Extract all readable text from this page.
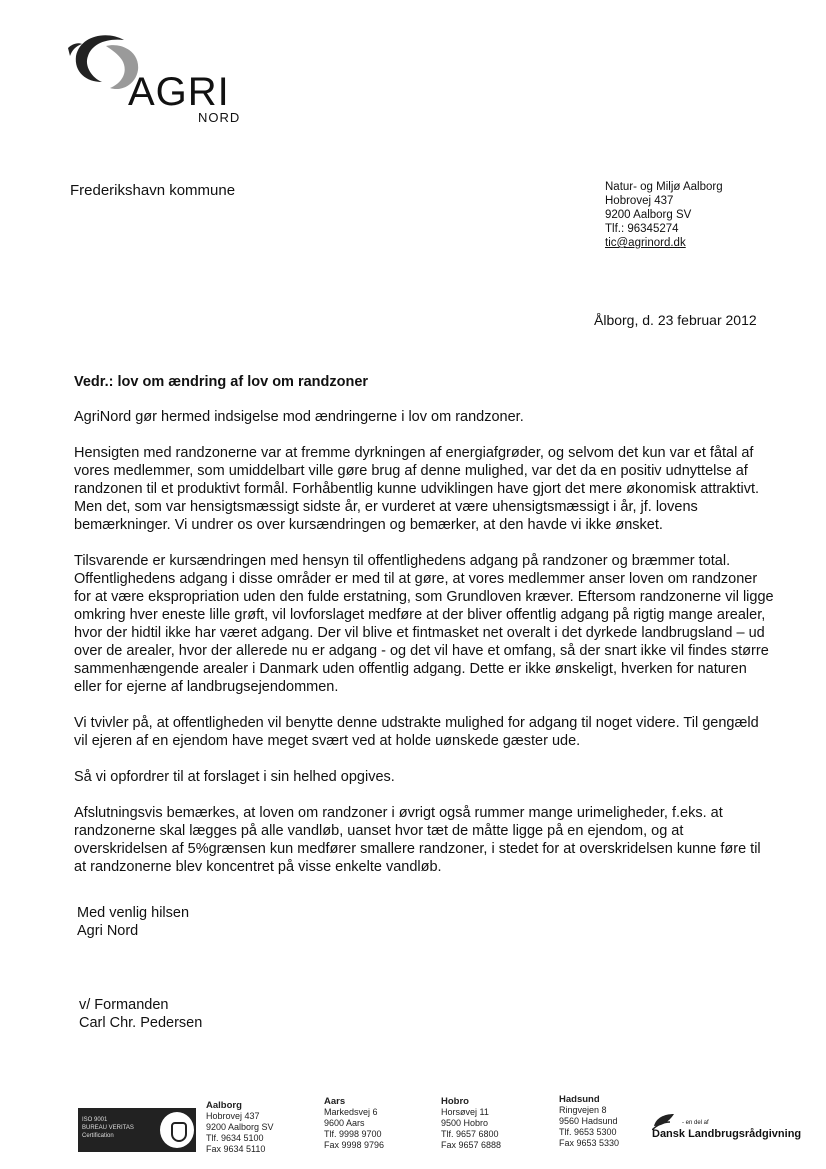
AGRI
NORD
Frederikshavn kommune	Natur- og Miljø Aalborg
Hobrovej 437
9200 Aalborg SV
Tlf.: 96345274
tic@agrinord.dk
Ålborg, d. 23 februar 2012
Vedr.: lov om ændring af lov om randzoner

AgriNord gør hermed indsigelse mod ændringerne i lov om randzoner.

Hensigten med randzonerne var at fremme dyrkningen af energiafgrøder, og selvom det kun var et fåtal af vores medlemmer, som umiddelbart ville gøre brug af denne mulighed, var det da en positiv udnyttelse af randzonen til et produktivt formål. Forhåbentlig kunne udviklingen have gjort det mere økonomisk attraktivt. Men det, som var hensigtsmæssigt sidste år, er vurderet at være uhensigtsmæssigt i år, jf. lovens bemærkninger. Vi undrer os over kursændringen og bemærker, at den havde vi ikke ønsket.

Tilsvarende er kursændringen med hensyn til offentlighedens adgang på randzoner og bræmmer total. Offentlighedens adgang i disse områder er med til at gøre, at vores medlemmer anser loven om randzoner for at være ekspropriation uden den fulde erstatning, som Grundloven kræver. Eftersom randzonerne vil ligge omkring hver eneste lille grøft, vil lovforslaget medføre at der bliver offentlig adgang på rigtig mange arealer, hvor der hidtil ikke har været adgang. Der vil blive et fintmasket net overalt i det dyrkede landbrugsland – ud over de arealer, hvor der allerede nu er adgang - og det vil have et omfang, så der snart ikke vil findes større sammenhængende arealer i Danmark uden offentlig adgang. Dette er ikke ønskeligt, hverken for naturen eller for ejerne af landbrugsejendommen.

Vi tvivler på, at offentligheden vil benytte denne udstrakte mulighed for adgang til noget videre. Til gengæld vil ejeren af en ejendom have meget svært ved at holde uønskede gæster ude.

Så vi opfordrer til at forslaget i sin helhed opgives.

Afslutningsvis bemærkes, at loven om randzoner i øvrigt også rummer mange urimeligheder, f.eks. at randzonerne skal lægges på alle vandløb, uanset hvor tæt de måtte ligge på en ejendom, og at overskridelsen af 5%grænsen kun medfører smallere randzoner, i stedet for at overskridelsen kunne føre til at randzonerne blev koncentret på visse enkelte vandløb.

Med venlig hilsen
Agri Nord
v/ Formanden
Carl Chr. Pedersen
ISO 9001
BUREAU VERITAS
Certification
Aalborg
Hobrovej 437
9200 Aalborg SV
Tlf. 9634 5100
Fax 9634 5110
Aars
Markedsvej 6
9600 Aars
Tlf. 9998 9700
Fax 9998 9796
Hobro
Horsøvej 11
9500 Hobro
Tlf. 9657 6800
Fax 9657 6888
Hadsund
Ringvejen 8
9560 Hadsund
Tlf. 9653 5300
Fax 9653 5330
- en del af
Dansk Landbrugsrådgivning
